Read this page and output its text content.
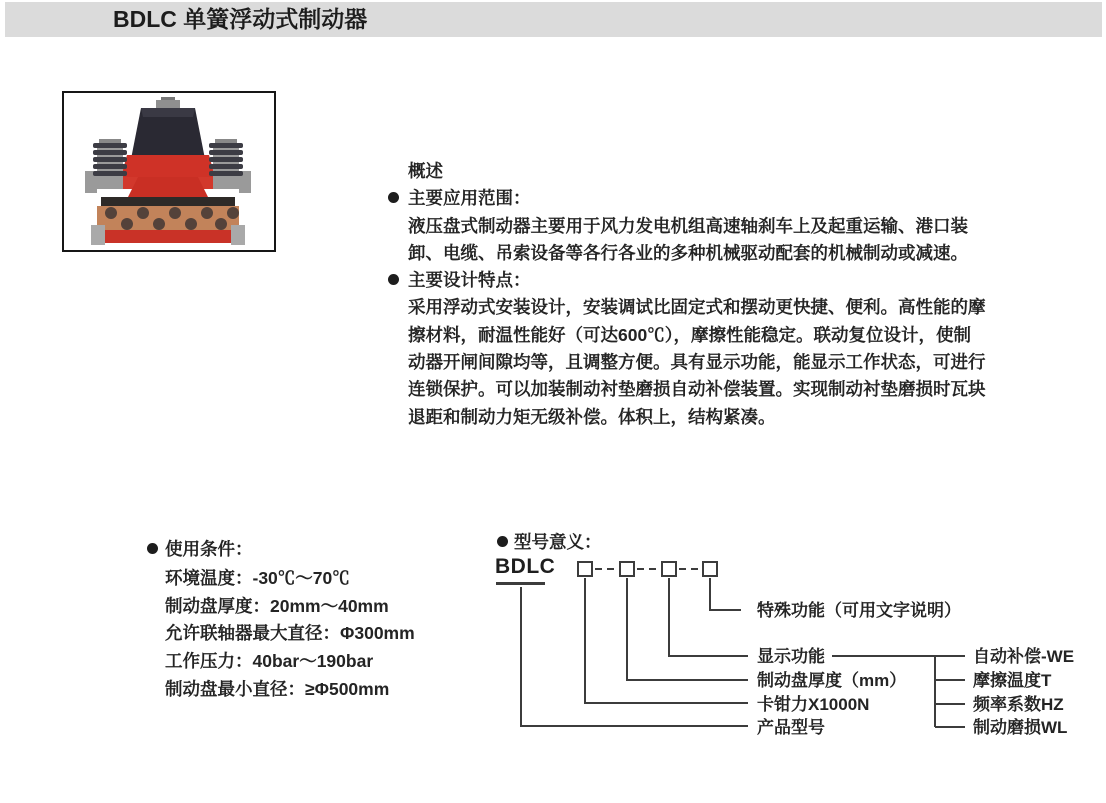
BDLC 单簧浮动式制动器
概述
主要应用范围：
液压盘式制动器主要用于风力发电机组高速轴刹车上及起重运输、港口装
卸、电缆、吊索设备等各行各业的多种机械驱动配套的机械制动或减速。
主要设计特点：
采用浮动式安装设计，安装调试比固定式和摆动更快捷、便利。高性能的摩
擦材料，耐温性能好（可达600℃），摩擦性能稳定。联动复位设计，使制
动器开闸间隙均等，且调整方便。具有显示功能，能显示工作状态，可进行
连锁保护。可以加装制动衬垫磨损自动补偿装置。实现制动衬垫磨损时瓦块
退距和制动力矩无级补偿。体积上，结构紧凑。
使用条件：
环境温度：-30℃～70℃
制动盘厚度：20mm～40mm
允许联轴器最大直径：Φ300mm
工作压力：40bar～190bar
制动盘最小直径：≥Φ500mm
型号意义：
BDLC
特殊功能（可用文字说明）
显示功能
制动盘厚度（mm）
卡钳力X1000N
产品型号
自动补偿-WE
摩擦温度T
频率系数HZ
制动磨损WL
